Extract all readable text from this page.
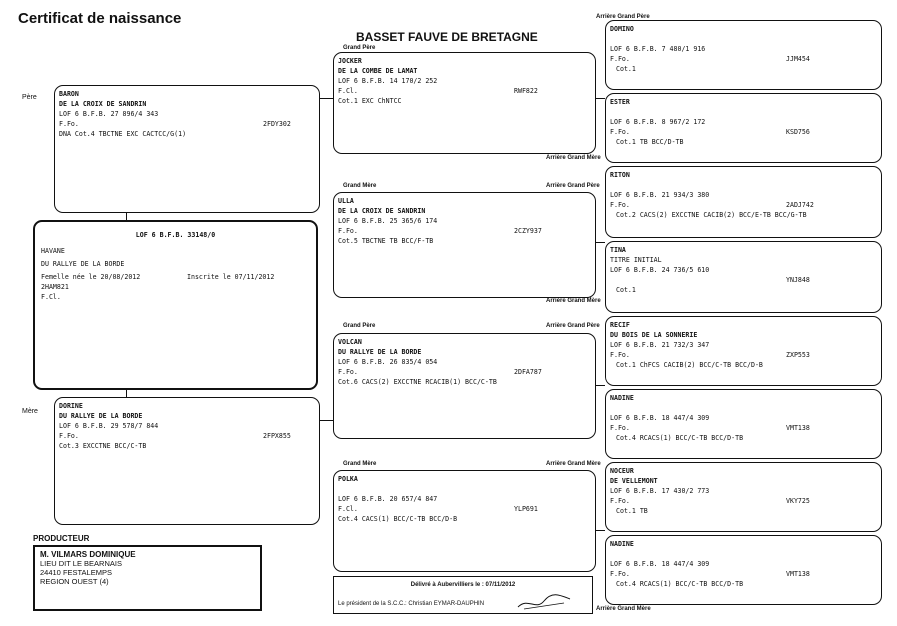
Certificat de naissance
BASSET FAUVE DE BRETAGNE
Père
Mère
Grand Père
Grand Mère
Grand Père
Grand Mère
Arrière Grand Père
Arrière Grand Mère
Arrière Grand Père
Arrière Grand Mère
Arrière Grand Père
Arrière Grand Mère
Arrière Grand Mère
BARON
DE LA CROIX DE SANDRIN
LOF 6 B.F.B. 27 896/4 343
F.Fo.	2FDY302
DNA Cot.4 TBCTNE EXC CACTCC/G(1)
LOF 6 B.F.B. 33148/0
HAVANE
DU RALLYE DE LA BORDE
Femelle née le 20/08/2012	Inscrite le 07/11/2012
2HAM821
F.Cl.
DORINE
DU RALLYE DE LA BORDE
LOF 6 B.F.B. 29 578/7 844
F.Fo.	2FPX855
Cot.3 EXCCTNE BCC/C-TB
JOCKER
DE LA COMBE DE LAMAT
LOF 6 B.F.B. 14 170/2 252
F.Cl.	RWF822
Cot.1 EXC ChNTCC
ULLA
DE LA CROIX DE SANDRIN
LOF 6 B.F.B. 25 365/6 174
F.Fo.	2CZY937
Cot.5 TBCTNE TB BCC/F-TB
VOLCAN
DU RALLYE DE LA BORDE
LOF 6 B.F.B. 26 835/4 054
F.Fo.	2DFA787
Cot.6 CACS(2) EXCCTNE RCACIB(1) BCC/C-TB
POLKA
LOF 6 B.F.B. 20 657/4 847
F.Cl.	YLP691
Cot.4 CACS(1) BCC/C-TB BCC/D-B
DOMINO
LOF 6 B.F.B. 7 480/1 916
F.Fo.	JJM454
Cot.1
ESTER
LOF 6 B.F.B. 8 967/2 172
F.Fo.	KSD756
Cot.1 TB BCC/D-TB
RITON
LOF 6 B.F.B. 21 934/3 380
F.Fo.	2ADJ742
Cot.2 CACS(2) EXCCTNE CACIB(2) BCC/E-TB BCC/G-TB
TINA
TITRE INITIAL
LOF 6 B.F.B. 24 736/5 610
YNJ848
Cot.1
RECIF
DU BOIS DE LA SONNERIE
LOF 6 B.F.B. 21 732/3 347
F.Fo.	ZXP553
Cot.1 ChFCS CACIB(2) BCC/C-TB BCC/D-B
NADINE
LOF 6 B.F.B. 18 447/4 309
F.Fo.	VMT138
Cot.4 RCACS(1) BCC/C-TB BCC/D-TB
NOCEUR
DE VELLEMONT
LOF 6 B.F.B. 17 430/2 773
F.Fo.	VKY725
Cot.1 TB
NADINE
LOF 6 B.F.B. 18 447/4 309
F.Fo.	VMT138
Cot.4 RCACS(1) BCC/C-TB BCC/D-TB
PRODUCTEUR
M. VILMARS DOMINIQUE
LIEU DIT LE BEARNAIS
24410 FESTALEMPS
REGION OUEST (4)	Délivré à Aubervilliers le : 07/11/2012
Le président de la S.C.C.: Christian EYMAR-DAUPHIN
